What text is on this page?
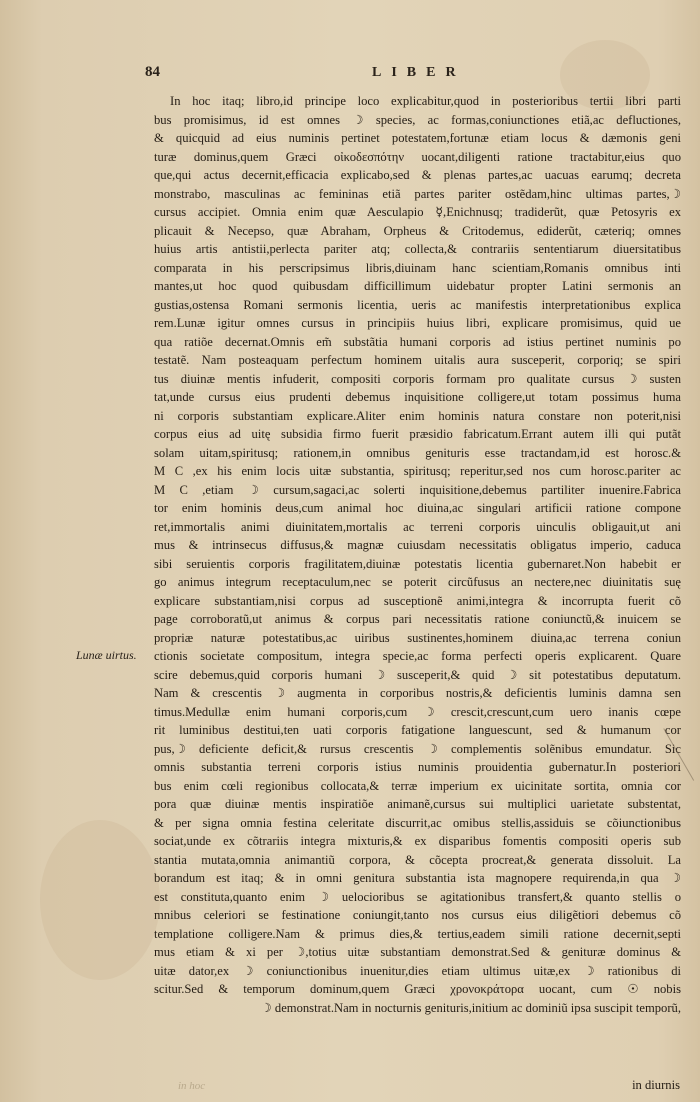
84	LIBER
Lunæ uirtus.
In hoc itaq; libro,id principe loco explicabitur,quod in posterioribus tertii libri parti
bus promisimus, id est omnes ☽ species, ac formas,coniunctiones etiã,ac defluctiones,
& quicquid ad eius numinis pertinet potestatem,fortunæ etiam locus & dæmonis geni
turæ dominus,quem Græci οἰκοδεσπότην uocant,diligenti ratione tractabitur,eius quo
que,qui actus decernit,efficacia explicabo,sed & plenas partes,ac uacuas earumq; decreta
monstrabo, masculinas ac femininas etiã partes pariter ostẽdam,hinc ultimas partes,☽
cursus accipiet. Omnia enim quæ Aesculapio ☿,Enichnusq; tradiderũt, quæ Petosyris ex
plicauit & Necepso, quæ Abraham, Orpheus & Critodemus, ediderũt, cæteriq; omnes
huius artis antistii,perlecta pariter atq; collecta,& contrariis sententiarum diuersitatibus
comparata in his perscripsimus libris,diuinam hanc scientiam,Romanis omnibus inti
mantes,ut hoc quod quibusdam difficillimum uidebatur propter Latini sermonis an
gustias,ostensa Romani sermonis licentia, ueris ac manifestis interpretationibus explica
rem.Lunæ igitur omnes cursus in principiis huius libri, explicare promisimus, quid ue
qua ratiõe decernat.Omnis em̃ substãtia humani corporis ad istius pertinet numinis po
testatẽ. Nam posteaquam perfectum hominem uitalis aura susceperit, corporiq; se spiri
tus diuinæ mentis infuderit, compositi corporis formam pro qualitate cursus ☽ susten
tat,unde cursus eius prudenti debemus inquisitione colligere,ut totam possimus huma
ni corporis substantiam explicare.Aliter enim hominis natura constare non poterit,nisi
corpus eius ad uitę subsidia firmo fuerit præsidio fabricatum.Errant autem illi qui putãt
solam uitam,spiritusq; rationem,in omnibus genituris esse tractandam,id est horosc.&
M C ,ex his enim locis uitæ substantia, spiritusq; reperitur,sed nos cum horosc.pariter ac
M C ,etiam ☽ cursum,sagaci,ac solerti inquisitione,debemus partiliter inuenire.Fabrica
tor enim hominis deus,cum animal hoc diuina,ac singulari artificii ratione compone
ret,immortalis animi diuinitatem,mortalis ac terreni corporis uinculis obligauit,ut ani
mus & intrinsecus diffusus,& magnæ cuiusdam necessitatis obligatus imperio, caduca
sibi seruientis corporis fragilitatem,diuinæ potestatis licentia gubernaret.Non habebit er
go animus integrum receptaculum,nec se poterit circũfusus an nectere,nec diuinitatis suę
explicare substantiam,nisi corpus ad susceptionẽ animi,integra & incorrupta fuerit cõ
page corroboratũ,ut animus & corpus pari necessitatis ratione coniunctũ,& inuicem se
propriæ naturæ potestatibus,ac uiribus sustinentes,hominem diuina,ac terrena coniun
ctionis societate compositum, integra specie,ac forma perfecti operis explicarent. Quare
scire debemus,quid corporis humani ☽ susceperit,& quid ☽ sit potestatibus deputatum.
Nam & crescentis ☽ augmenta in corporibus nostris,& deficientis luminis damna sen
timus.Medullæ enim humani corporis,cum ☽ crescit,crescunt,cum uero inanis cœpe
rit luminibus destitui,ten uati corporis fatigatione languescunt, sed & humanum cor
pus,☽ deficiente deficit,& rursus crescentis ☽ complementis solẽnibus emundatur. Sic
omnis substantia terreni corporis istius numinis prouidentia gubernatur.In posteriori
bus enim cœli regionibus collocata,& terræ imperium ex uicinitate sortita, omnia cor
pora quæ diuinæ mentis inspiratiõe animanẽ,cursus sui multiplici uarietate substentat,
& per signa omnia festina celeritate discurrit,ac omibus stellis,assiduis se cõiunctionibus
sociat,unde ex cõtrariis integra mixturis,& ex disparibus fomentis compositi operis sub
stantia mutata,omnia animantiũ corpora, & cõcepta procreat,& generata dissoluit. La
borandum est itaq; & in omni genitura substantia ista magnopere requirenda,in qua ☽
est constituta,quanto enim ☽ uelocioribus se agitationibus transfert,& quanto stellis o
mnibus celeriori se festinatione coniungit,tanto nos cursus eius diligẽtiori debemus cõ
templatione colligere.Nam & primus dies,& tertius,eadem simili ratione decernit,septi
mus etiam & xi per ☽,totius uitæ substantiam demonstrat.Sed & genituræ dominus &
uitæ dator,ex ☽ coniunctionibus inuenitur,dies etiam ultimus uitæ,ex ☽ rationibus di
scitur.Sed & temporum dominum,quem Græci χρονοκράτορα uocant, cum ☉ nobis
☽ demonstrat.Nam in nocturnis genituris,initium ac dominiũ ipsa suscipit temporũ,
in diurnis
in hoc
